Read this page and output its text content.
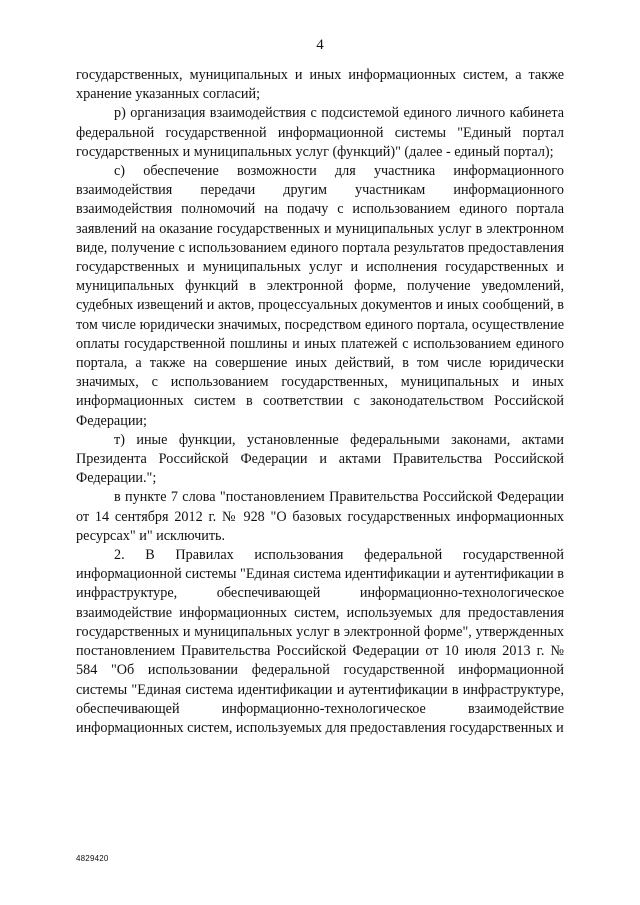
4

государственных, муниципальных и иных информационных систем, а также хранение указанных согласий;

р) организация взаимодействия с подсистемой единого личного кабинета федеральной государственной информационной системы "Единый портал государственных и муниципальных услуг (функций)" (далее - единый портал);

с) обеспечение возможности для участника информационного взаимодействия передачи другим участникам информационного взаимодействия полномочий на подачу с использованием единого портала заявлений на оказание государственных и муниципальных услуг в электронном виде, получение с использованием единого портала результатов предоставления государственных и муниципальных услуг и исполнения государственных и муниципальных функций в электронной форме, получение уведомлений, судебных извещений и актов, процессуальных документов и иных сообщений, в том числе юридически значимых, посредством единого портала, осуществление оплаты государственной пошлины и иных платежей с использованием единого портала, а также на совершение иных действий, в том числе юридически значимых, с использованием государственных, муниципальных и иных информационных систем в соответствии с законодательством Российской Федерации;

т) иные функции, установленные федеральными законами, актами Президента Российской Федерации и актами Правительства Российской Федерации.";

в пункте 7 слова "постановлением Правительства Российской Федерации от 14 сентября 2012 г. № 928 "О базовых государственных информационных ресурсах" и" исключить.

2. В Правилах использования федеральной государственной информационной системы "Единая система идентификации и аутентификации в инфраструктуре, обеспечивающей информационно-технологическое взаимодействие информационных систем, используемых для предоставления государственных и муниципальных услуг в электронной форме", утвержденных постановлением Правительства Российской Федерации от 10 июля 2013 г. № 584 "Об использовании федеральной государственной информационной системы "Единая система идентификации и аутентификации в инфраструктуре, обеспечивающей информационно-технологическое взаимодействие информационных систем, используемых для предоставления государственных и

4829420
